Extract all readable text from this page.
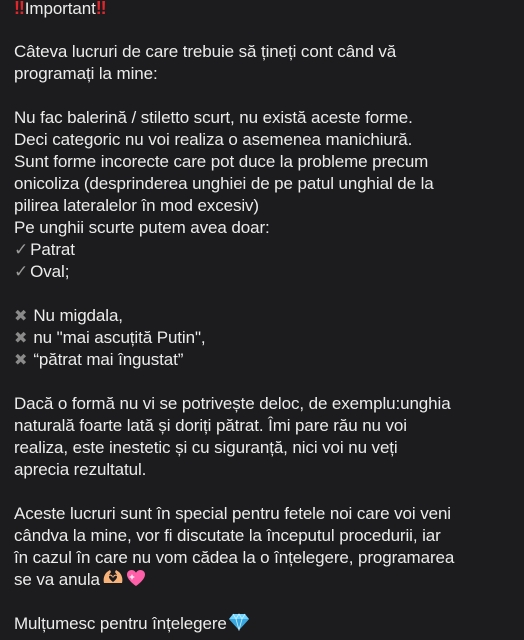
‼Important‼
Câteva lucruri de care trebuie să țineți cont când vă
programați la mine:
Nu fac balerină / stiletto scurt, nu există aceste forme.
Deci categoric nu voi realiza o asemenea manichiură.
Sunt forme incorecte care pot duce la probleme precum
onicoliza (desprinderea unghiei de pe patul unghial de la
pilirea lateralelor în mod excesiv)
Pe unghii scurte putem avea doar:
✓ Patrat
✓ Oval;
✖ Nu migdala,
✖ nu "mai ascuțită Putin",
✖ “pătrat mai îngustat”
Dacă o formă nu vi se potrivește deloc, de exemplu:unghia
naturală foarte lată și doriți pătrat. Îmi pare rău nu voi
realiza, este inestetic și cu siguranță, nici voi nu veți
aprecia rezultatul.
Aceste lucruri sunt în special pentru fetele noi care voi veni
cândva la mine, vor fi discutate la începutul procedurii, iar
în cazul în care nu vom cădea la o înțelegere, programarea
se va anula
Mulțumesc pentru înțelegere
